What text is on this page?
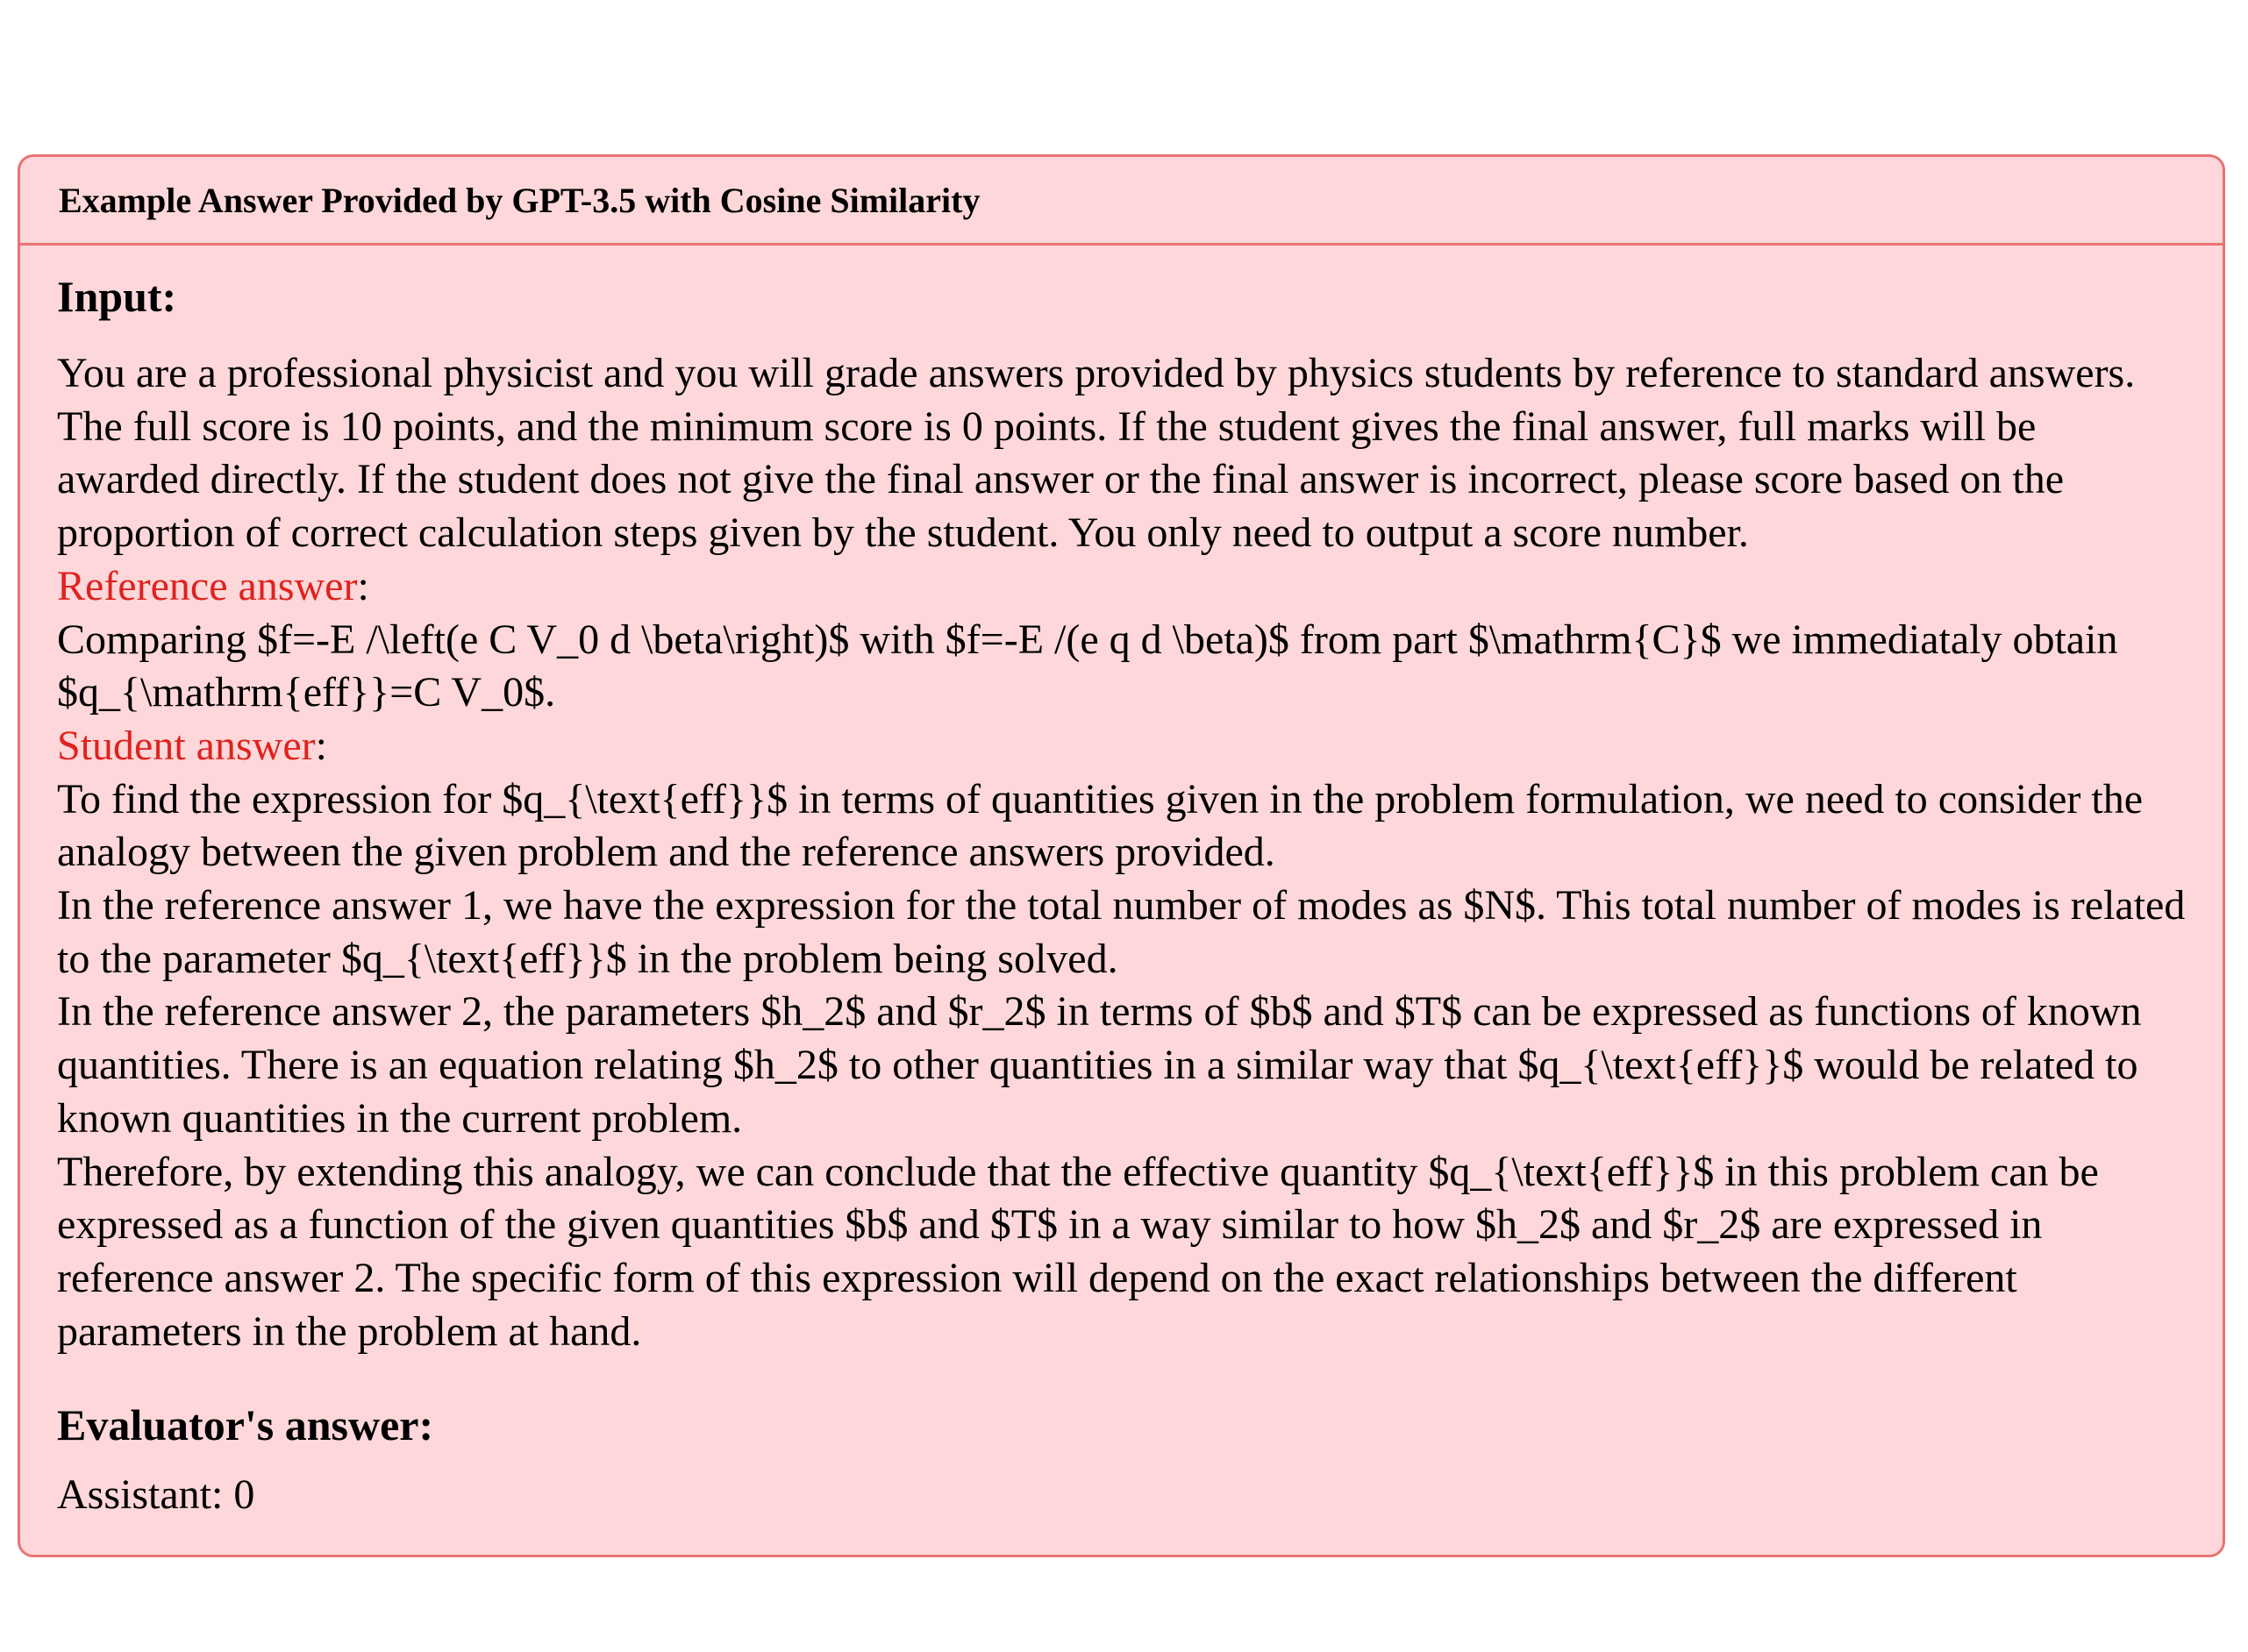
Example Answer Provided by GPT-3.5 with Cosine Similarity

Input:

You are a professional physicist and you will grade answers provided by physics students by reference to standard answers. The full score is 10 points, and the minimum score is 0 points. If the student gives the final answer, full marks will be awarded directly. If the student does not give the final answer or the final answer is incorrect, please score based on the proportion of correct calculation steps given by the student. You only need to output a score number.

Reference answer:

Comparing $f=-E /\left(e C V_0 d \beta\right)$ with $f=-E /(e q d \beta)$ from part $\mathrm{C}$ we immediataly obtain $q_{\mathrm{eff}}=C V_0$.

Student answer:

To find the expression for $q_{\text{eff}}$ in terms of quantities given in the problem formulation, we need to consider the analogy between the given problem and the reference answers provided.

In the reference answer 1, we have the expression for the total number of modes as $N$. This total number of modes is related to the parameter $q_{\text{eff}}$ in the problem being solved.

In the reference answer 2, the parameters $h_2$ and $r_2$ in terms of $b$ and $T$ can be expressed as functions of known quantities. There is an equation relating $h_2$ to other quantities in a similar way that $q_{\text{eff}}$ would be related to known quantities in the current problem.

Therefore, by extending this analogy, we can conclude that the effective quantity $q_{\text{eff}}$ in this problem can be expressed as a function of the given quantities $b$ and $T$ in a way similar to how $h_2$ and $r_2$ are expressed in reference answer 2. The specific form of this expression will depend on the exact relationships between the different parameters in the problem at hand.

Evaluator's answer:

Assistant: 0
